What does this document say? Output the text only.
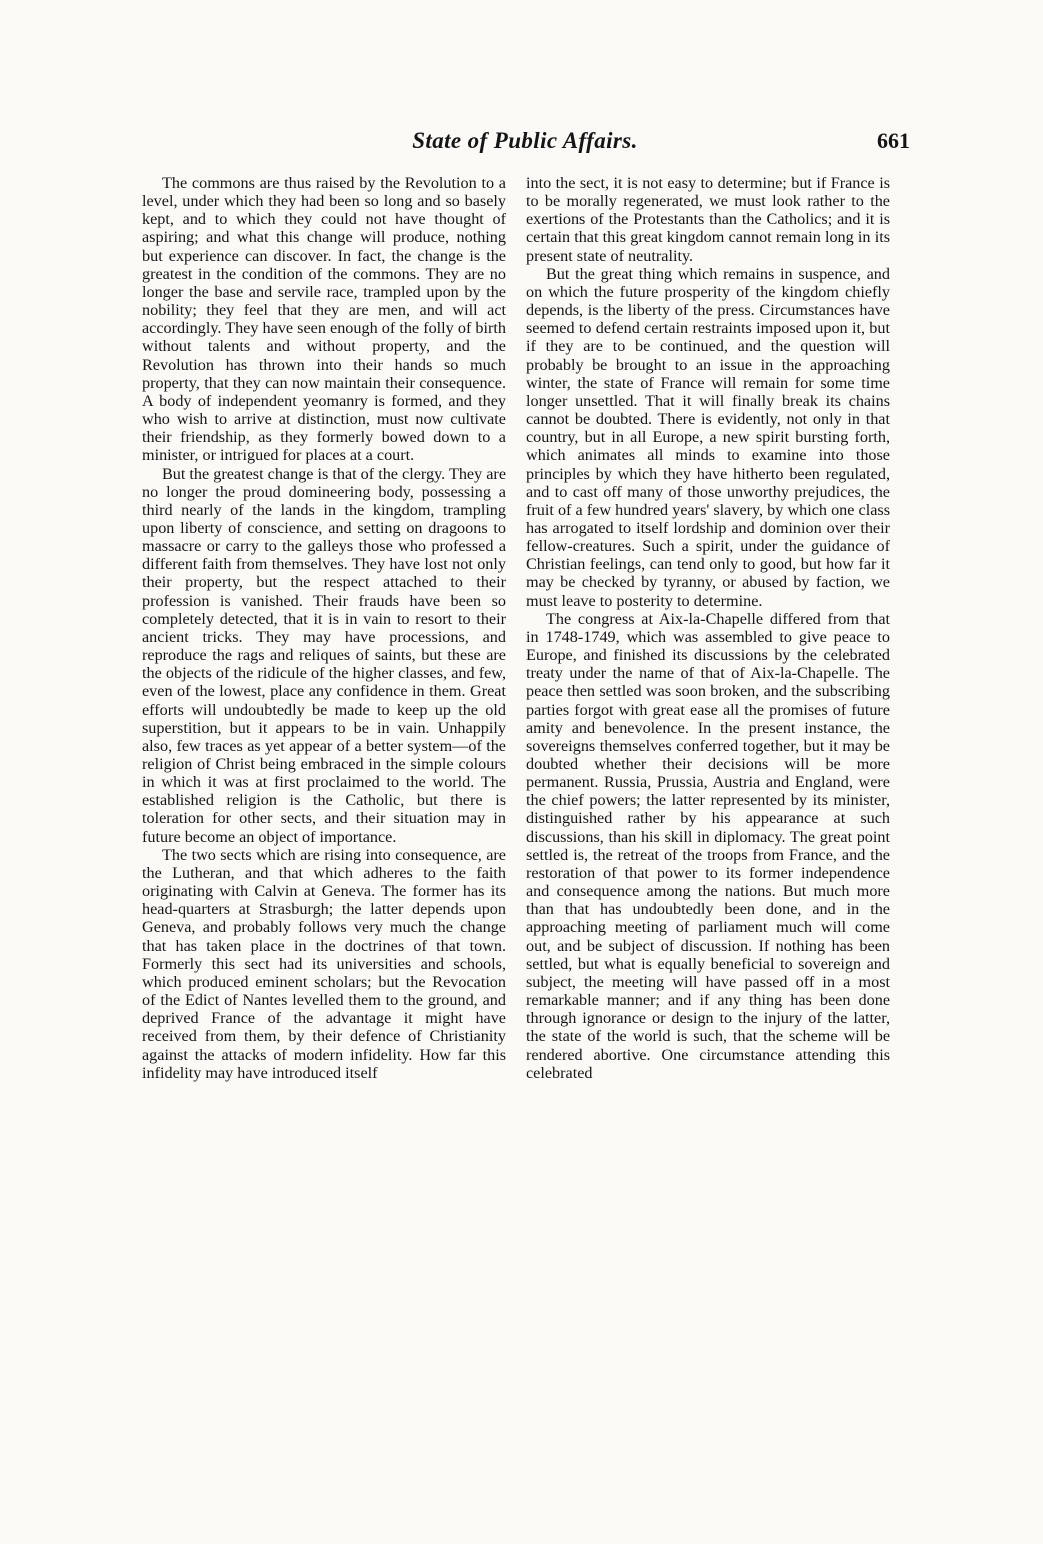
State of Public Affairs.	661

The commons are thus raised by the Revolution to a level, under which they had been so long and so basely kept, and to which they could not have thought of aspiring; and what this change will produce, nothing but experience can discover. In fact, the change is the greatest in the condition of the commons. They are no longer the base and servile race, trampled upon by the nobility; they feel that they are men, and will act accordingly. They have seen enough of the folly of birth without talents and without property, and the Revolution has thrown into their hands so much property, that they can now maintain their consequence. A body of independent yeomanry is formed, and they who wish to arrive at distinction, must now cultivate their friendship, as they formerly bowed down to a minister, or intrigued for places at a court.

But the greatest change is that of the clergy. They are no longer the proud domineering body, possessing a third nearly of the lands in the kingdom, trampling upon liberty of conscience, and setting on dragoons to massacre or carry to the galleys those who professed a different faith from themselves. They have lost not only their property, but the respect attached to their profession is vanished. Their frauds have been so completely detected, that it is in vain to resort to their ancient tricks. They may have processions, and reproduce the rags and reliques of saints, but these are the objects of the ridicule of the higher classes, and few, even of the lowest, place any confidence in them. Great efforts will undoubtedly be made to keep up the old superstition, but it appears to be in vain. Unhappily also, few traces as yet appear of a better system—of the religion of Christ being embraced in the simple colours in which it was at first proclaimed to the world. The established religion is the Catholic, but there is toleration for other sects, and their situation may in future become an object of importance.

The two sects which are rising into consequence, are the Lutheran, and that which adheres to the faith originating with Calvin at Geneva. The former has its head-quarters at Strasburgh; the latter depends upon Geneva, and probably follows very much the change that has taken place in the doctrines of that town. Formerly this sect had its universities and schools, which produced eminent scholars; but the Revocation of the Edict of Nantes levelled them to the ground, and deprived France of the advantage it might have received from them, by their defence of Christianity against the attacks of modern infidelity. How far this infidelity may have introduced itself

into the sect, it is not easy to determine; but if France is to be morally regenerated, we must look rather to the exertions of the Protestants than the Catholics; and it is certain that this great kingdom cannot remain long in its present state of neutrality.

But the great thing which remains in suspence, and on which the future prosperity of the kingdom chiefly depends, is the liberty of the press. Circumstances have seemed to defend certain restraints imposed upon it, but if they are to be continued, and the question will probably be brought to an issue in the approaching winter, the state of France will remain for some time longer unsettled. That it will finally break its chains cannot be doubted. There is evidently, not only in that country, but in all Europe, a new spirit bursting forth, which animates all minds to examine into those principles by which they have hitherto been regulated, and to cast off many of those unworthy prejudices, the fruit of a few hundred years' slavery, by which one class has arrogated to itself lordship and dominion over their fellow-creatures. Such a spirit, under the guidance of Christian feelings, can tend only to good, but how far it may be checked by tyranny, or abused by faction, we must leave to posterity to determine.

The congress at Aix-la-Chapelle differed from that in 1748-1749, which was assembled to give peace to Europe, and finished its discussions by the celebrated treaty under the name of that of Aix-la-Chapelle. The peace then settled was soon broken, and the subscribing parties forgot with great ease all the promises of future amity and benevolence. In the present instance, the sovereigns themselves conferred together, but it may be doubted whether their decisions will be more permanent. Russia, Prussia, Austria and England, were the chief powers; the latter represented by its minister, distinguished rather by his appearance at such discussions, than his skill in diplomacy. The great point settled is, the retreat of the troops from France, and the restoration of that power to its former independence and consequence among the nations. But much more than that has undoubtedly been done, and in the approaching meeting of parliament much will come out, and be subject of discussion. If nothing has been settled, but what is equally beneficial to sovereign and subject, the meeting will have passed off in a most remarkable manner; and if any thing has been done through ignorance or design to the injury of the latter, the state of the world is such, that the scheme will be rendered abortive. One circumstance attending this celebrated
